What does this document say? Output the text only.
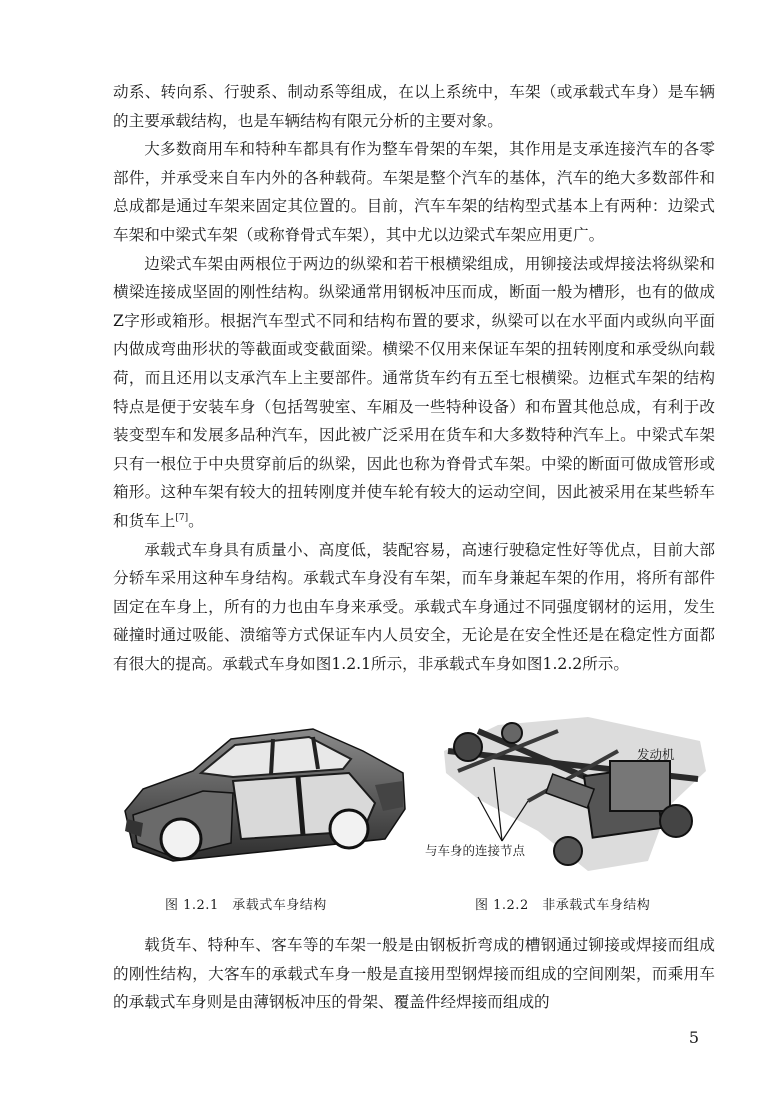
动系、转向系、行驶系、制动系等组成，在以上系统中，车架（或承载式车身）是车辆的主要承载结构，也是车辆结构有限元分析的主要对象。

大多数商用车和特种车都具有作为整车骨架的车架，其作用是支承连接汽车的各零部件，并承受来自车内外的各种载荷。车架是整个汽车的基体，汽车的绝大多数部件和总成都是通过车架来固定其位置的。目前，汽车车架的结构型式基本上有两种：边梁式车架和中梁式车架（或称脊骨式车架），其中尤以边梁式车架应用更广。

边梁式车架由两根位于两边的纵梁和若干根横梁组成，用铆接法或焊接法将纵梁和横梁连接成坚固的刚性结构。纵梁通常用钢板冲压而成，断面一般为槽形，也有的做成Z字形或箱形。根据汽车型式不同和结构布置的要求，纵梁可以在水平面内或纵向平面内做成弯曲形状的等截面或变截面梁。横梁不仅用来保证车架的扭转刚度和承受纵向载荷，而且还用以支承汽车上主要部件。通常货车约有五至七根横梁。边框式车架的结构特点是便于安装车身（包括驾驶室、车厢及一些特种设备）和布置其他总成，有利于改装变型车和发展多品种汽车，因此被广泛采用在货车和大多数特种汽车上。中梁式车架只有一根位于中央贯穿前后的纵梁，因此也称为脊骨式车架。中梁的断面可做成管形或箱形。这种车架有较大的扭转刚度并使车轮有较大的运动空间，因此被采用在某些轿车和货车上[7]。

承载式车身具有质量小、高度低，装配容易，高速行驶稳定性好等优点，目前大部分轿车采用这种车身结构。承载式车身没有车架，而车身兼起车架的作用，将所有部件固定在车身上，所有的力也由车身来承受。承载式车身通过不同强度钢材的运用，发生碰撞时通过吸能、溃缩等方式保证车内人员安全，无论是在安全性还是在稳定性方面都有很大的提高。承载式车身如图1.2.1所示，非承载式车身如图1.2.2所示。

发动机
与车身的连接节点
图 1.2.1　承载式车身结构	图 1.2.2　非承载式车身结构

载货车、特种车、客车等的车架一般是由钢板折弯成的槽钢通过铆接或焊接而组成的刚性结构，大客车的承载式车身一般是直接用型钢焊接而组成的空间刚架，而乘用车的承载式车身则是由薄钢板冲压的骨架、覆盖件经焊接而组成的

5
